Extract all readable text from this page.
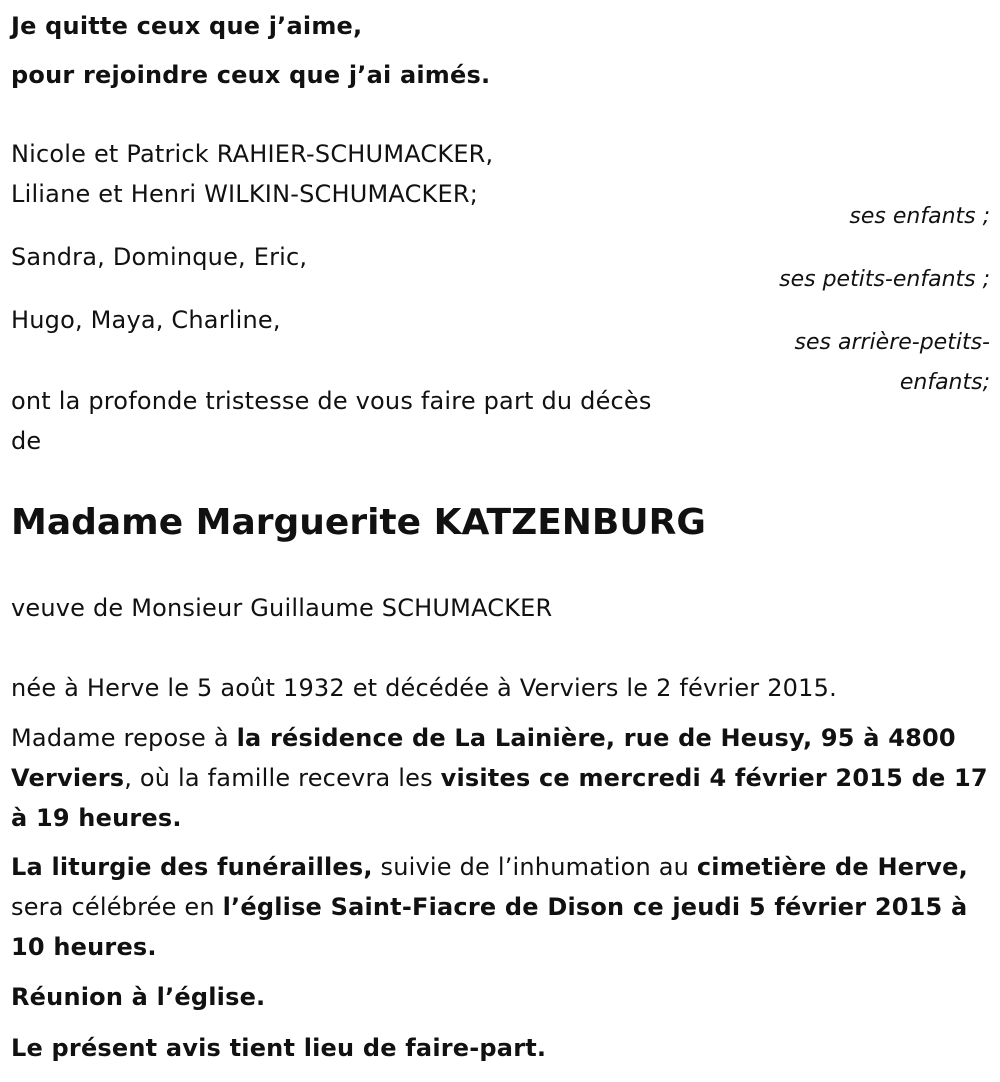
Je quitte ceux que j’aime,

pour rejoindre ceux que j’ai aimés.

Nicole et Patrick RAHIER-SCHUMACKER,

Liliane et Henri WILKIN-SCHUMACKER;

ses enfants ;

Sandra, Dominque, Eric,

ses petits-enfants ;

Hugo, Maya, Charline,

ses arrière-petits-

enfants;

ont la profonde tristesse de vous faire part du décès

de

Madame Marguerite KATZENBURG

veuve de Monsieur Guillaume SCHUMACKER

née à Herve le 5 août 1932 et décédée à Verviers le 2 février 2015.

Madame repose à la résidence de La Lainière, rue de Heusy, 95 à 4800 Verviers, où la famille recevra les visites ce mercredi 4 février 2015 de 17 à 19 heures.

La liturgie des funérailles, suivie de l’inhumation au cimetière de Herve, sera célébrée en l’église Saint-Fiacre de Dison ce jeudi 5 février 2015 à 10 heures.

Réunion à l’église.

Le présent avis tient lieu de faire-part.
